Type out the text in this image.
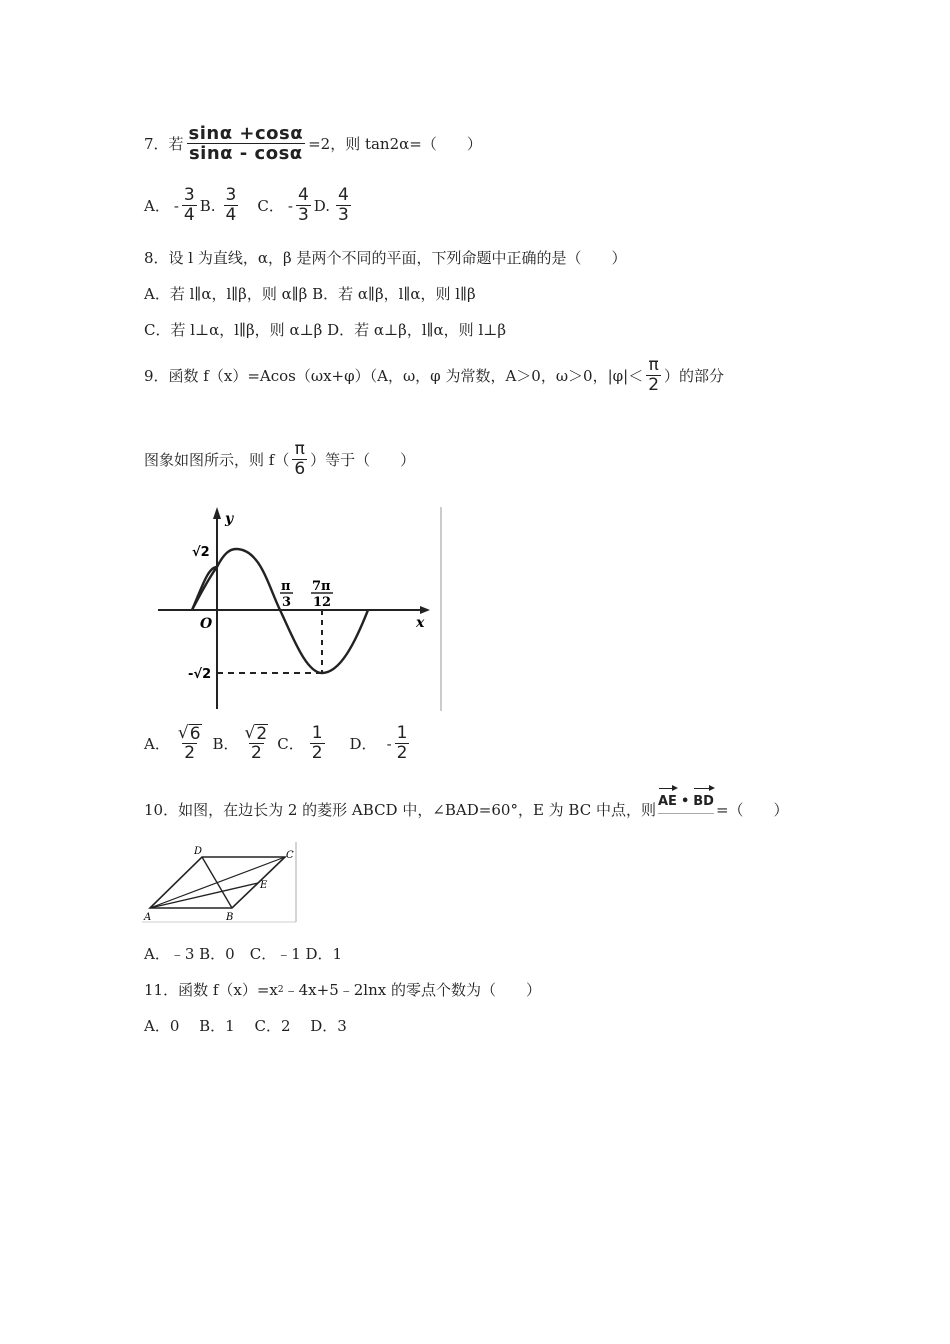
7．若 $\frac{\sin\alpha +\cos\alpha}{\sin\alpha - \cos\alpha} =2$，则 tan2α=（　　）
A． - $\frac{3}{4} B$. $\frac{3}{4}$ C． - $\frac{4}{3} D$. $\frac{4}{3}$
8．设 l 为直线，α，β 是两个不同的平面，下列命题中正确的是（　　）
A．若 l∥α，l∥β，则 α∥β B．若 α∥β，l∥α，则 l∥β
C．若 l⊥α，l∥β，则 α⊥β D．若 α⊥β，l∥α，则 l⊥β
9．函数 f（x）=Acos（ωx+φ）（A，ω，φ 为常数，A＞0，ω＞0，$|\varphi|< \frac{\pi}{2}$ ）的部分
图象如图所示，则 $f( \frac{\pi}{6}$ ）等于（　　）
y
x
O
√2
-√2
π
3
7π
12
A． $\frac{√ 6}{2}$ B． $\frac{√ 2}{2}$ C． $\frac{1}{2}$ D． - $\frac{1}{2}$
10．如图，在边长为 2 的菱形 ABCD 中，∠BAD=60°，E 为 BC 中点，则 AE • BD =（　　）
A	B
C
D
E
A．﹣3 B．0　C．﹣1 D．1
11．函数 f（x）=x 2 ﹣4x+5﹣2lnx 的零点个数为（　　）
A．0　 B．1　 C．2　 D．3
